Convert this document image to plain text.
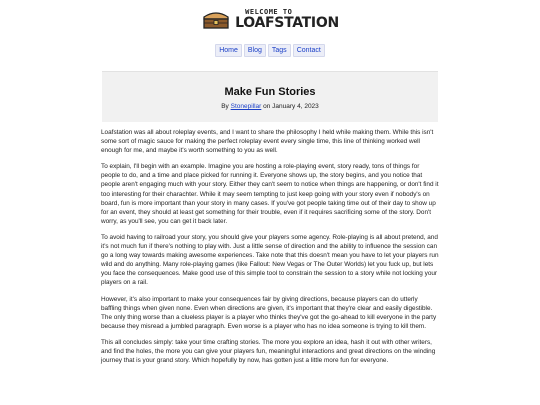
WELCOME TO
LOAFSTATION
Home	Blog	Tags	Contact
Make Fun Stories
By Stonepillar on January 4, 2023

Loafstation was all about roleplay events, and I want to share the philosophy I held while making them. While this isn't some sort of magic sauce for making the perfect roleplay event every single time, this line of thinking worked well enough for me, and maybe it's worth something to you as well.

To explain, I'll begin with an example. Imagine you are hosting a role-playing event, story ready, tons of things for people to do, and a time and place picked for running it. Everyone shows up, the story begins, and you notice that people aren't engaging much with your story. Either they can't seem to notice when things are happening, or don't find it too interesting for their charachter. While it may seem tempting to just keep going with your story even if nobody's on board, fun is more important than your story in many cases. If you've got people taking time out of their day to show up for an event, they should at least get something for their trouble, even if it requires sacrificing some of the story. Don't worry, as you'll see, you can get it back later.

To avoid having to railroad your story, you should give your players some agency. Role-playing is all about pretend, and it's not much fun if there's nothing to play with. Just a little sense of direction and the ability to influence the session can go a long way towards making awesome experiences. Take note that this doesn't mean you have to let your players run wild and do anything. Many role-playing games (like Fallout: New Vegas or The Outer Worlds) let you fuck up, but lets you face the consequences. Make good use of this simple tool to constrain the session to a story while not locking your players on a rail.

However, it's also important to make your consequences fair by giving directions, because players can do utterly baffling things when given none. Even when directions are given, it's important that they're clear and easily digestible. The only thing worse than a clueless player is a player who thinks they've got the go-ahead to kill everyone in the party because they misread a jumbled paragraph. Even worse is a player who has no idea someone is trying to kill them.

This all concludes simply: take your time crafting stories. The more you explore an idea, hash it out with other writers, and find the holes, the more you can give your players fun, meaningful interactions and great directions on the winding journey that is your grand story. Which hopefully by now, has gotten just a little more fun for everyone.
